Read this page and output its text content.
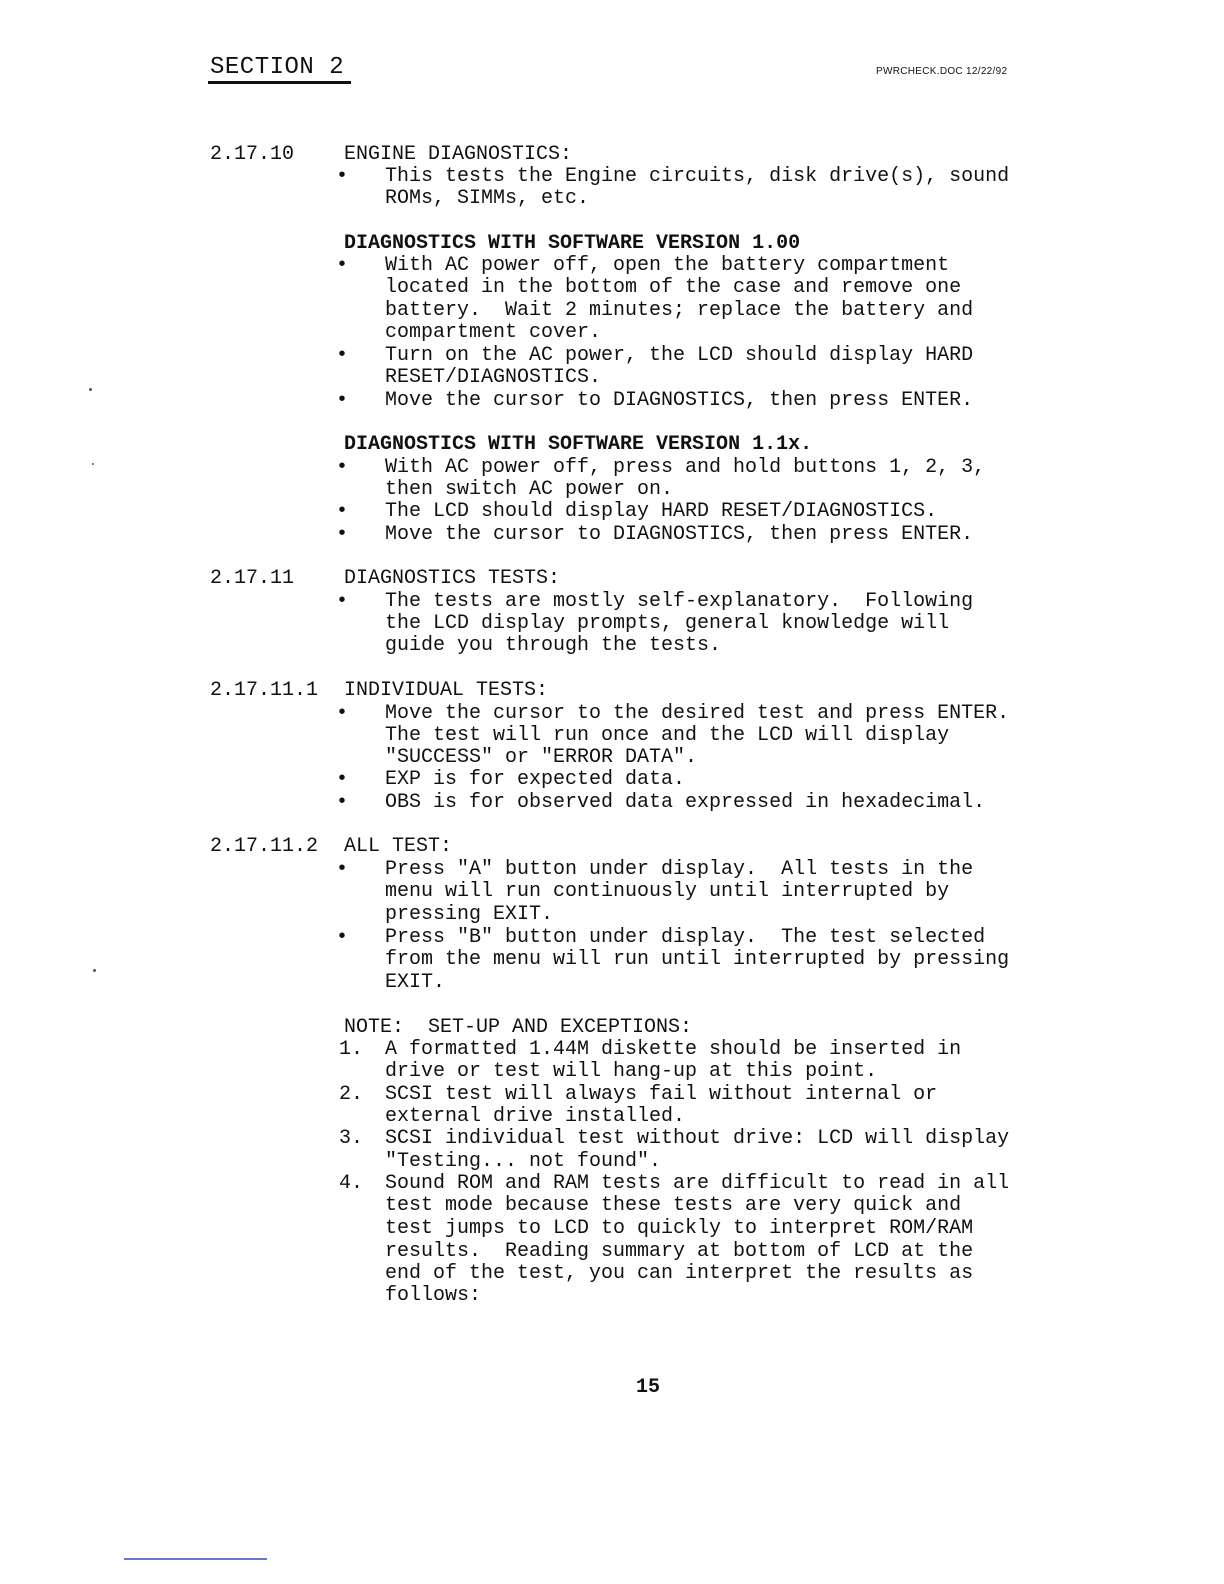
SECTION 2	PWRCHECK.DOC 12/22/92
2.17.10 ENGINE DIAGNOSTICS:
• This tests the Engine circuits, disk drive(s), sound
ROMs, SIMMs, etc.
DIAGNOSTICS WITH SOFTWARE VERSION 1.00
• With AC power off, open the battery compartment
located in the bottom of the case and remove one
battery.  Wait 2 minutes; replace the battery and
compartment cover.
• Turn on the AC power, the LCD should display HARD
RESET/DIAGNOSTICS.
• Move the cursor to DIAGNOSTICS, then press ENTER.
DIAGNOSTICS WITH SOFTWARE VERSION 1.1x.
• With AC power off, press and hold buttons 1, 2, 3,
then switch AC power on.
• The LCD should display HARD RESET/DIAGNOSTICS.
• Move the cursor to DIAGNOSTICS, then press ENTER.
2.17.11 DIAGNOSTICS TESTS:
• The tests are mostly self-explanatory.  Following
the LCD display prompts, general knowledge will
guide you through the tests.
2.17.11.1 INDIVIDUAL TESTS:
• Move the cursor to the desired test and press ENTER.
The test will run once and the LCD will display
"SUCCESS" or "ERROR DATA".
• EXP is for expected data.
• OBS is for observed data expressed in hexadecimal.
2.17.11.2 ALL TEST:
• Press "A" button under display.  All tests in the
menu will run continuously until interrupted by
pressing EXIT.
• Press "B" button under display.  The test selected
from the menu will run until interrupted by pressing
EXIT.
NOTE:  SET-UP AND EXCEPTIONS:
1. A formatted 1.44M diskette should be inserted in
drive or test will hang-up at this point.
2. SCSI test will always fail without internal or
external drive installed.
3. SCSI individual test without drive: LCD will display
"Testing... not found".
4. Sound ROM and RAM tests are difficult to read in all
test mode because these tests are very quick and
test jumps to LCD to quickly to interpret ROM/RAM
results.  Reading summary at bottom of LCD at the
end of the test, you can interpret the results as
follows:
15
